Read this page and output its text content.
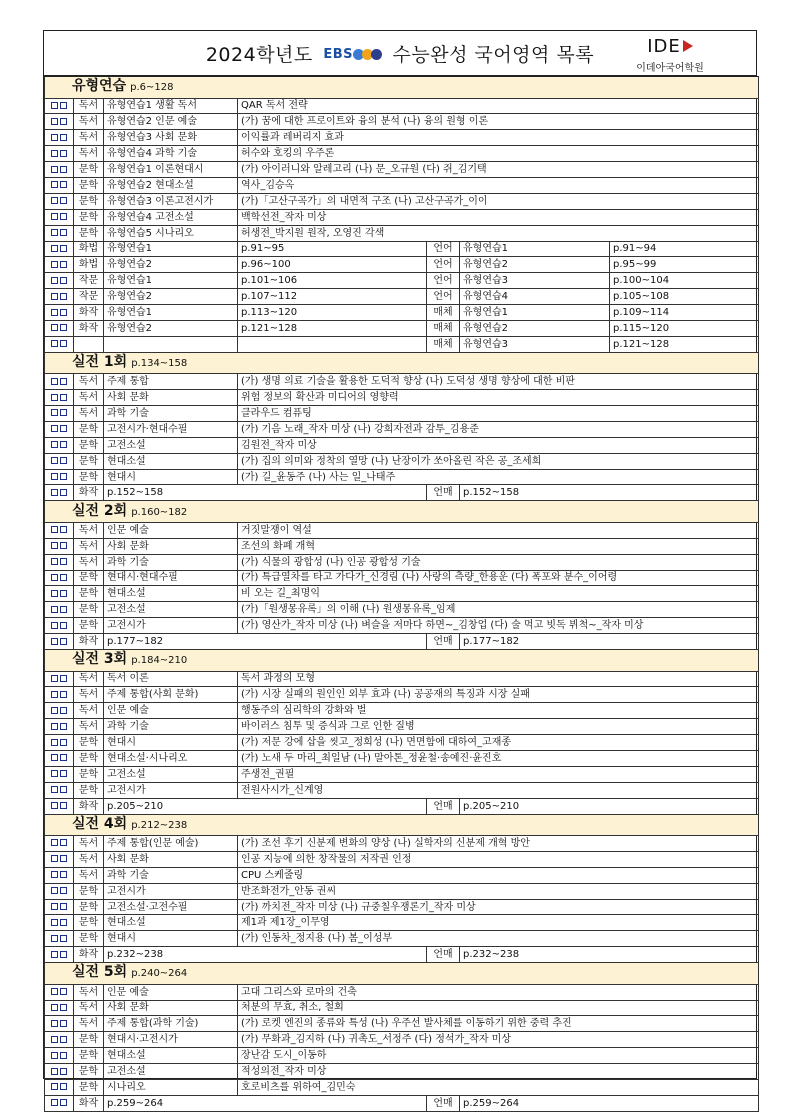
2024학년도 EBS 수능완성 국어영역 목록	IDE
이데아국어학원
유형연습 p.6~128						
	독서	유형연습1 생활 독서	QAR 독서 전략			
	독서	유형연습2 인문 예술	(가) 꿈에 대한 프로이트와 융의 분석 (나) 융의 원형 이론			
	독서	유형연습3 사회 문화	이익률과 레버리지 효과			
	독서	유형연습4 과학 기술	허수와 호킹의 우주론			
	문학	유형연습1 이론현대시	(가) 아이러니와 알레고리 (나) 문_오규원 (다) 쥐_김기택			
	문학	유형연습2 현대소설	역사_김승옥			
	문학	유형연습3 이론고전시가	(가)「고산구곡가」의 내면적 구조 (나) 고산구곡가_이이			
	문학	유형연습4 고전소설	백학선전_작자 미상			
	문학	유형연습5 시나리오	허생전_박지원 원작, 오영진 각색			
	화법	유형연습1	p.91~95	언어	유형연습1	p.91~94
	화법	유형연습2	p.96~100	언어	유형연습2	p.95~99
	작문	유형연습1	p.101~106	언어	유형연습3	p.100~104
	작문	유형연습2	p.107~112	언어	유형연습4	p.105~108
	화작	유형연습1	p.113~120	매체	유형연습1	p.109~114
	화작	유형연습2	p.121~128	매체	유형연습2	p.115~120
				매체	유형연습3	p.121~128
실전 1회 p.134~158						
	독서	주제 통합	(가) 생명 의료 기술을 활용한 도덕적 향상 (나) 도덕성 생명 향상에 대한 비판			
	독서	사회 문화	위험 정보의 확산과 미디어의 영향력			
	독서	과학 기술	클라우드 컴퓨팅			
	문학	고전시가·현대수필	(가) 기음 노래_작자 미상 (나) 강희자전과 감투_김용준			
	문학	고전소설	김원전_작자 미상			
	문학	현대소설	(가) 집의 의미와 정착의 열망 (나) 난장이가 쏘아올린 작은 공_조세희			
	문학	현대시	(가) 길_윤동주 (나) 사는 일_나태주			
	화작	p.152~158		언매	p.152~158	
실전 2회 p.160~182						
	독서	인문 예술	거짓말쟁이 역설			
	독서	사회 문화	조선의 화폐 개혁			
	독서	과학 기술	(가) 식물의 광합성 (나) 인공 광합성 기술			
	문학	현대시·현대수필	(가) 특급열차를 타고 가다가_신경림 (나) 사랑의 측량_한용운 (다) 폭포와 분수_이어령			
	문학	현대소설	비 오는 길_최명익			
	문학	고전소설	(가)「원생몽유록」의 이해 (나) 원생몽유록_임제			
	문학	고전시가	(가) 영산가_작자 미상 (나) 벼슬을 저마다 하면~_김창업 (다) 술 먹고 빗독 뷔척~_작자 미상			
	화작	p.177~182		언매	p.177~182	
실전 3회 p.184~210						
	독서	독서 이론	독서 과정의 모형			
	독서	주제 통합(사회 문화)	(가) 시장 실패의 원인인 외부 효과 (나) 공공재의 특징과 시장 실패			
	독서	인문 예술	행동주의 심리학의 강화와 벌			
	독서	과학 기술	바이러스 침투 및 증식과 그로 인한 질병			
	문학	현대시	(가) 저문 강에 삽을 씻고_정희성 (나) 면면함에 대하여_고재종			
	문학	현대소설·시나리오	(가) 노새 두 마리_최일남 (나) 말아톤_정윤철·송예진·윤진호			
	문학	고전소설	주생전_권필			
	문학	고전시가	전원사시가_신계영			
	화작	p.205~210		언매	p.205~210	
실전 4회 p.212~238						
	독서	주제 통합(인문 예술)	(가) 조선 후기 신분제 변화의 양상 (나) 실학자의 신분제 개혁 방안			
	독서	사회 문화	인공 지능에 의한 창작물의 저작권 인정			
	독서	과학 기술	CPU 스케줄링			
	문학	고전시가	반조화전가_안동 권씨			
	문학	고전소설·고전수필	(가) 까치전_작자 미상 (나) 규중칠우쟁론기_작자 미상			
	문학	현대소설	제1과 제1장_이무영			
	문학	현대시	(가) 인동차_정지용 (나) 봄_이성부			
	화작	p.232~238		언매	p.232~238	
실전 5회 p.240~264						
	독서	인문 예술	고대 그리스와 로마의 건축			
	독서	사회 문화	처분의 무효, 취소, 철회			
	독서	주제 통합(과학 기술)	(가) 로켓 엔진의 종류와 특성 (나) 우주선 발사체를 이동하기 위한 중력 추진			
	문학	현대시·고전시가	(가) 무화과_김지하 (나) 귀촉도_서정주 (다) 정석가_작자 미상			
	문학	현대소설	장난감 도시_이동하			
	문학	고전소설	적성의전_작자 미상			
	문학	시나리오	호로비츠를 위하여_김민숙			
	화작	p.259~264		언매	p.259~264	
